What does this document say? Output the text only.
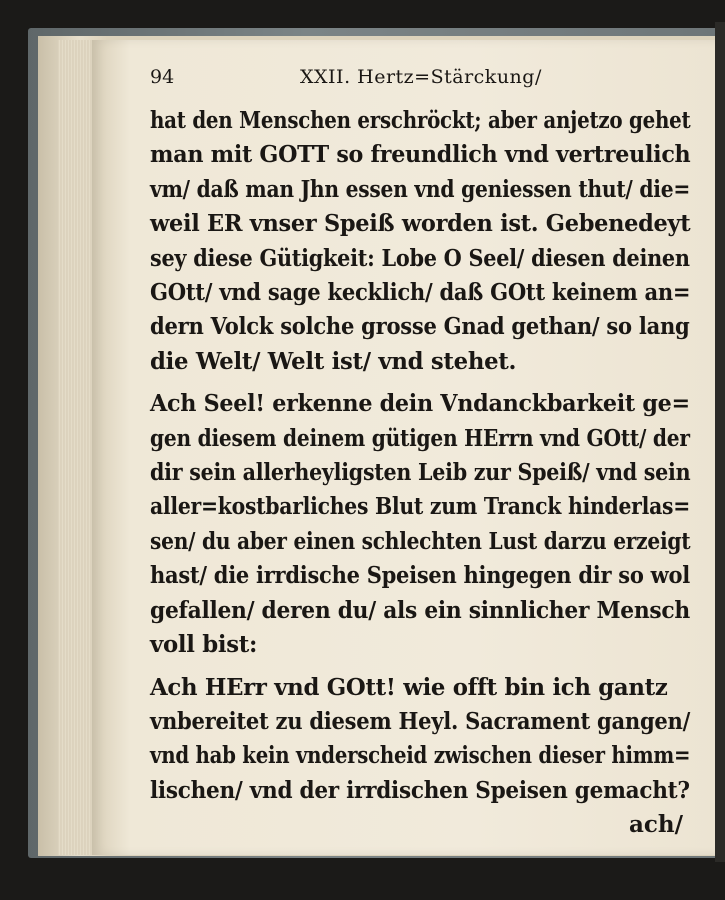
94	XXII. Hertz=Stärckung/
hat den Menschen erschröckt; aber anjetzo gehet
man mit GOTT so freundlich vnd vertreulich
vm/ daß man Jhn essen vnd geniessen thut/ die=
weil ER vnser Speiß worden ist. Gebenedeyt
sey diese Gütigkeit: Lobe O Seel/ diesen deinen
GOtt/ vnd sage kecklich/ daß GOtt keinem an=
dern Volck solche grosse Gnad gethan/ so lang
die Welt/ Welt ist/ vnd stehet.
Ach Seel! erkenne dein Vndanckbarkeit ge=
gen diesem deinem gütigen HErrn vnd GOtt/ der
dir sein allerheyligsten Leib zur Speiß/ vnd sein
aller=kostbarliches Blut zum Tranck hinderlas=
sen/ du aber einen schlechten Lust darzu erzeigt
hast/ die irrdische Speisen hingegen dir so wol
gefallen/ deren du/ als ein sinnlicher Mensch
voll bist:
Ach HErr vnd GOtt! wie offt bin ich gantz
vnbereitet zu diesem Heyl. Sacrament gangen/
vnd hab kein vnderscheid zwischen dieser himm=
lischen/ vnd der irrdischen Speisen gemacht?
ach/
